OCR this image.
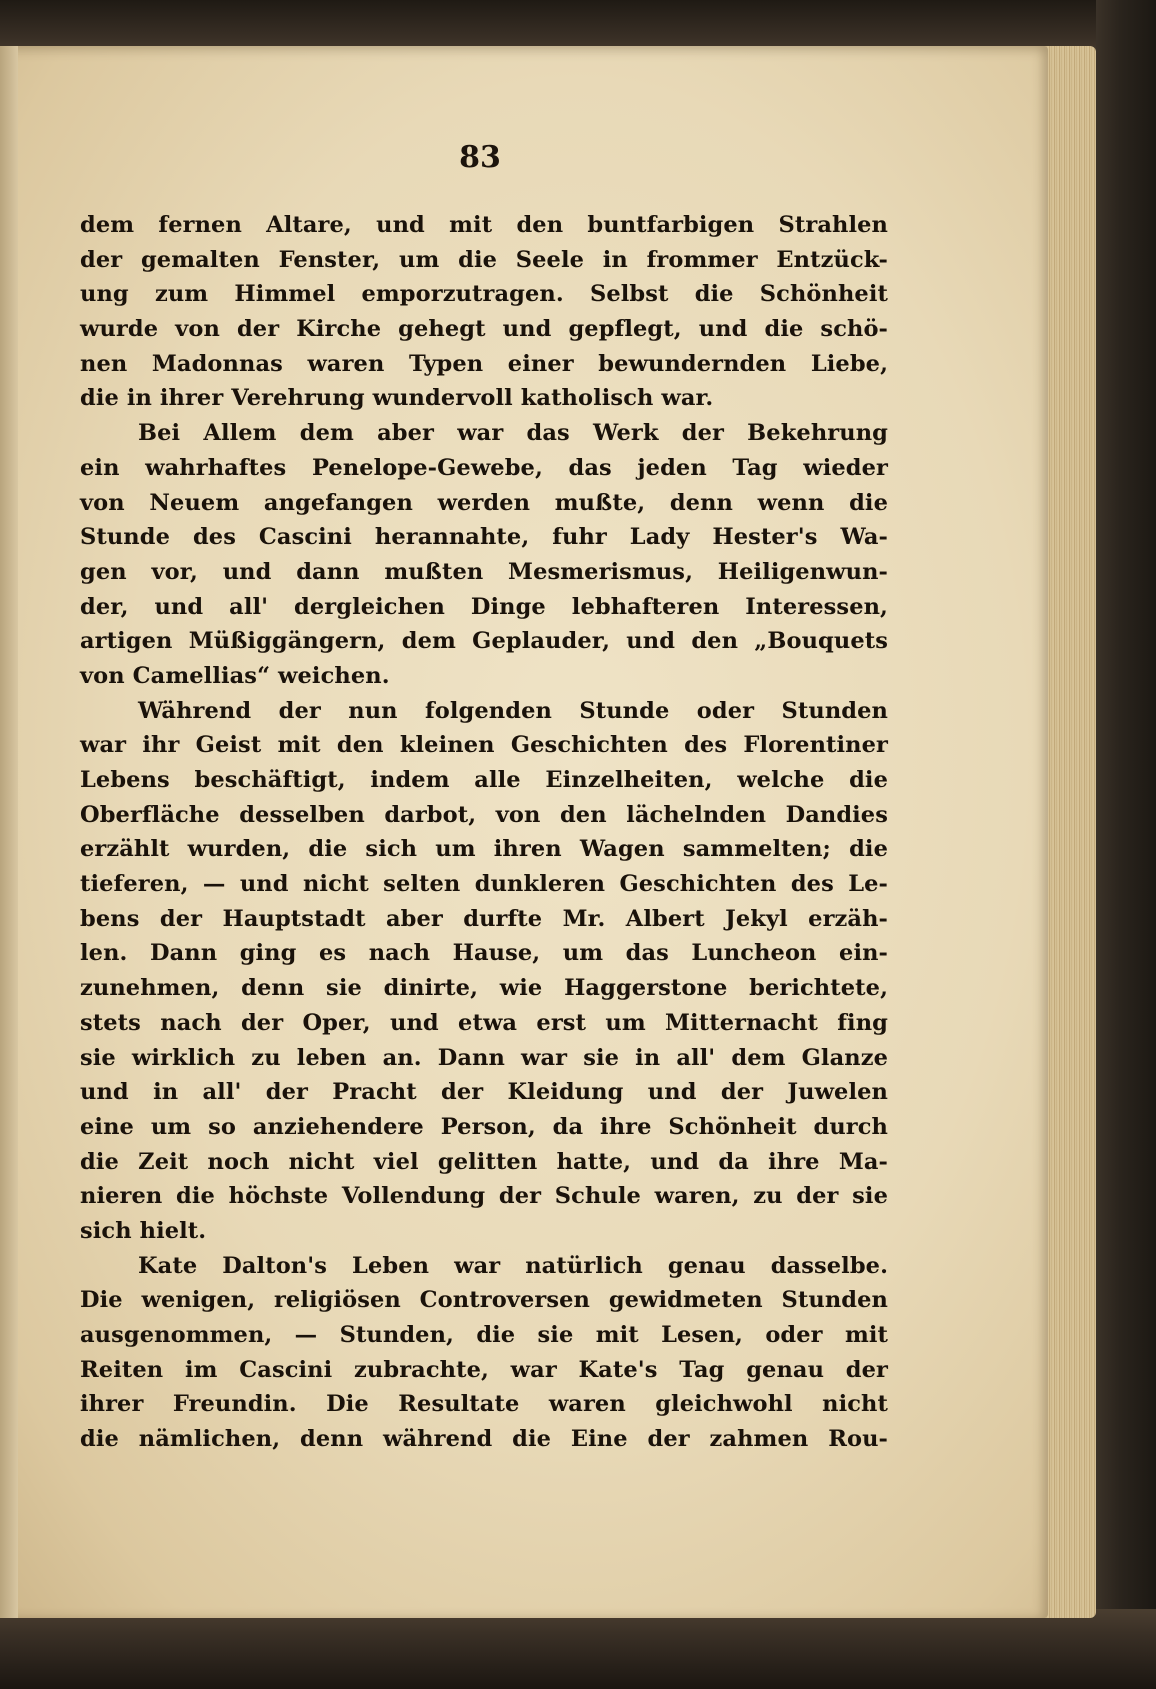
83
dem fernen Altare, und mit den buntfarbigen Strahlen
der gemalten Fenster, um die Seele in frommer Entzück-
ung zum Himmel emporzutragen. Selbst die Schönheit
wurde von der Kirche gehegt und gepflegt, und die schö-
nen Madonnas waren Typen einer bewundernden Liebe,
die in ihrer Verehrung wundervoll katholisch war.
Bei Allem dem aber war das Werk der Bekehrung
ein wahrhaftes Penelope-Gewebe, das jeden Tag wieder
von Neuem angefangen werden mußte, denn wenn die
Stunde des Cascini herannahte, fuhr Lady Hester's Wa-
gen vor, und dann mußten Mesmerismus, Heiligenwun-
der, und all' dergleichen Dinge lebhafteren Interessen,
artigen Müßiggängern, dem Geplauder, und den „Bouquets
von Camellias“ weichen.
Während der nun folgenden Stunde oder Stunden
war ihr Geist mit den kleinen Geschichten des Florentiner
Lebens beschäftigt, indem alle Einzelheiten, welche die
Oberfläche desselben darbot, von den lächelnden Dandies
erzählt wurden, die sich um ihren Wagen sammelten; die
tieferen, — und nicht selten dunkleren Geschichten des Le-
bens der Hauptstadt aber durfte Mr. Albert Jekyl erzäh-
len. Dann ging es nach Hause, um das Luncheon ein-
zunehmen, denn sie dinirte, wie Haggerstone berichtete,
stets nach der Oper, und etwa erst um Mitternacht fing
sie wirklich zu leben an. Dann war sie in all' dem Glanze
und in all' der Pracht der Kleidung und der Juwelen
eine um so anziehendere Person, da ihre Schönheit durch
die Zeit noch nicht viel gelitten hatte, und da ihre Ma-
nieren die höchste Vollendung der Schule waren, zu der sie
sich hielt.
Kate Dalton's Leben war natürlich genau dasselbe.
Die wenigen, religiösen Controversen gewidmeten Stunden
ausgenommen, — Stunden, die sie mit Lesen, oder mit
Reiten im Cascini zubrachte, war Kate's Tag genau der
ihrer Freundin. Die Resultate waren gleichwohl nicht
die nämlichen, denn während die Eine der zahmen Rou-
